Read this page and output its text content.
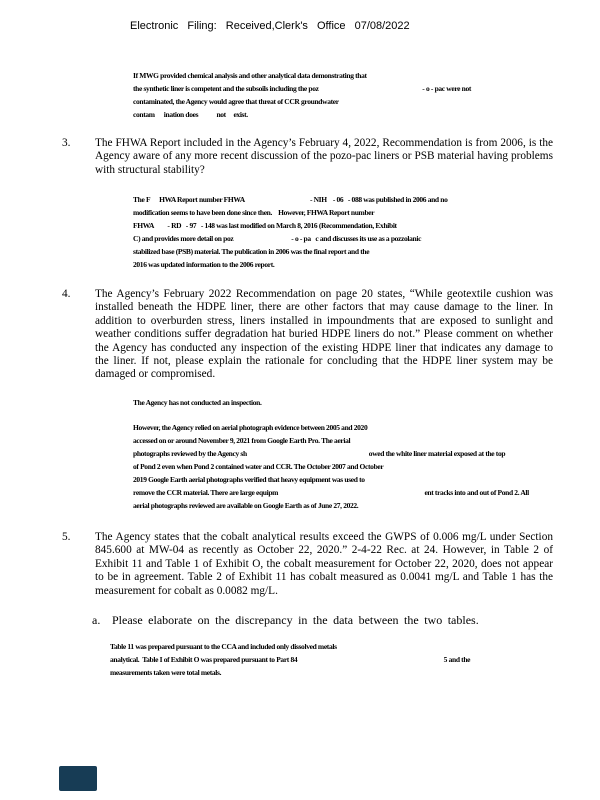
Electronic Filing: Received,Clerk's Office 07/08/2022
If MWG provided chemical analysis and other analytical data demonstrating that
the synthetic liner is competent and the subsoils including the poz                                                                    - o - pac were not
contaminated, the Agency would agree that threat of CCR groundwater
contam      ination does            not     exist.
3. The FHWA Report included in the Agency’s February 4, 2022, Recommendation is from 2006, is the Agency aware of any more recent discussion of the pozo-pac liners or PSB material having problems with structural stability?
The F      HWA Report number FHWA                                           - NIH    - 06   - 088 was published in 2006 and no
modification seems to have been done since then.    However, FHWA Report number
FHWA         - RD   - 97   - 148 was last modified on March 8, 2016 (Recommendation, Exhibit
C) and provides more detail on poz                                      - o - pa   c and discusses its use as a pozzolanic
stabilized base (PSB) material. The publication in 2006 was the final report and the
2016 was updated information to the 2006 report.
4. The Agency’s February 2022 Recommendation on page 20 states, “While geotextile cushion was installed beneath the HDPE liner, there are other factors that may cause damage to the liner. In addition to overburden stress, liners installed in impoundments that are exposed to sunlight and weather conditions suffer degradation hat buried HDPE liners do not.” Please comment on whether the Agency has conducted any inspection of the existing HDPE liner that indicates any damage to the liner. If not, please explain the rationale for concluding that the HDPE liner system may be damaged or compromised.
The Agency has not conducted an inspection.
However, the Agency relied on aerial photograph evidence between 2005 and 2020
accessed on or around November 9, 2021 from Google Earth Pro. The aerial
photographs reviewed by the Agency sh                                                                                owed the white liner material exposed at the top
of Pond 2 even when Pond 2 contained water and CCR. The October 2007 and October
2019 Google Earth aerial photographs verified that heavy equipment was used to
remove the CCR material. There are large equipm                                                                                                ent tracks into and out of Pond 2. All
aerial photographs reviewed are available on Google Earth as of June 27, 2022.
5. The Agency states that the cobalt analytical results exceed the GWPS of 0.006 mg/L under Section 845.600 at MW-04 as recently as October 22, 2020.” 2-4-22 Rec. at 24. However, in Table 2 of Exhibit 11 and Table 1 of Exhibit O, the cobalt measurement for October 22, 2020, does not appear to be in agreement. Table 2 of Exhibit 11 has cobalt measured as 0.0041 mg/L and Table 1 has the measurement for cobalt as 0.0082 mg/L.
a. Please elaborate on the discrepancy in the data between the two tables.
Table 11 was prepared pursuant to the CCA and included only dissolved metals
analytical.  Table I of Exhibit O was prepared pursuant to Part 84                                                                                                5 and the
measurements taken were total metals.
